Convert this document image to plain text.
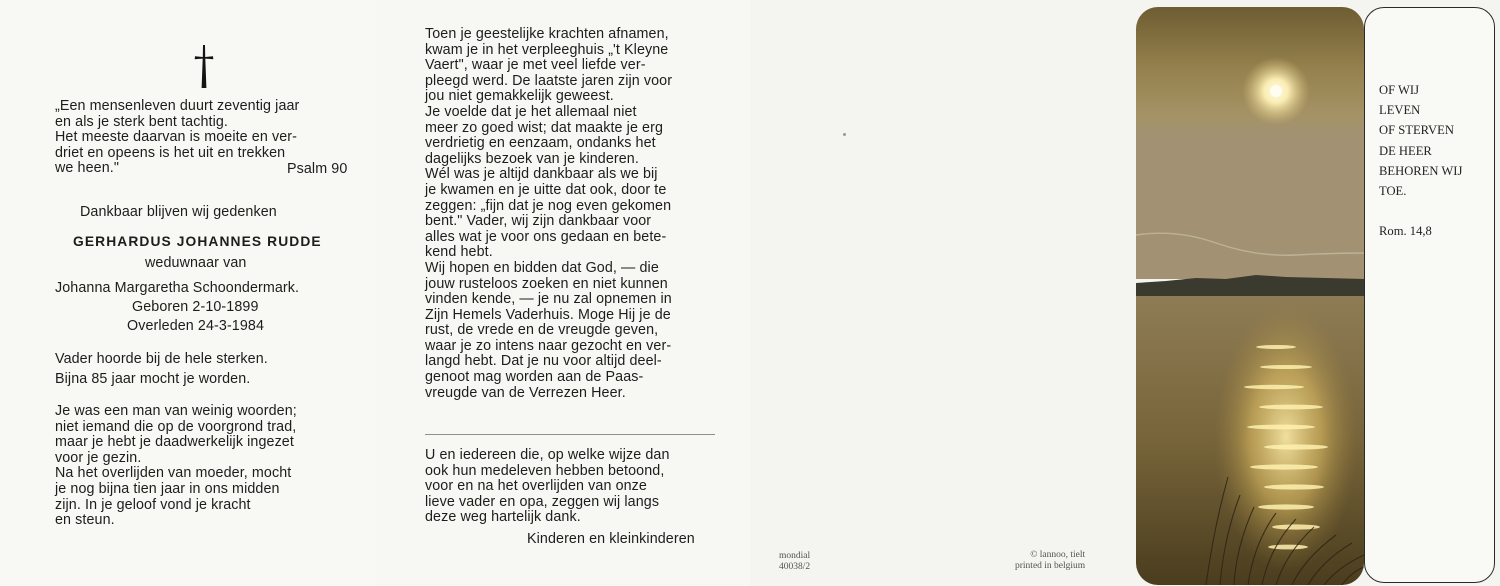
„Een mensenleven duurt zeventig jaar
en als je sterk bent tachtig.
Het meeste daarvan is moeite en ver-
driet en opeens is het uit en trekken
we heen."	Psalm 90

Dankbaar blijven wij gedenken

GERHARDUS JOHANNES RUDDE

weduwnaar van

Johanna Margaretha Schoondermark.

Geboren 2-10-1899

Overleden 24-3-1984

Vader hoorde bij de hele sterken.
Bijna 85 jaar mocht je worden.

Je was een man van weinig woorden;
niet iemand die op de voorgrond trad,
maar je hebt je daadwerkelijk ingezet
voor je gezin.
Na het overlijden van moeder, mocht
je nog bijna tien jaar in ons midden
zijn. In je geloof vond je kracht
en steun.

Toen je geestelijke krachten afnamen,
kwam je in het verpleeghuis „'t Kleyne
Vaert", waar je met veel liefde ver-
pleegd werd. De laatste jaren zijn voor
jou niet gemakkelijk geweest.
Je voelde dat je het allemaal niet
meer zo goed wist; dat maakte je erg
verdrietig en eenzaam, ondanks het
dagelijks bezoek van je kinderen.
Wél was je altijd dankbaar als we bij
je kwamen en je uitte dat ook, door te
zeggen: „fijn dat je nog even gekomen
bent." Vader, wij zijn dankbaar voor
alles wat je voor ons gedaan en bete-
kend hebt.
Wij hopen en bidden dat God, — die
jouw rusteloos zoeken en niet kunnen
vinden kende, — je nu zal opnemen in
Zijn Hemels Vaderhuis. Moge Hij je de
rust, de vrede en de vreugde geven,
waar je zo intens naar gezocht en ver-
langd hebt. Dat je nu voor altijd deel-
genoot mag worden aan de Paas-
vreugde van de Verrezen Heer.

U en iedereen die, op welke wijze dan
ook hun medeleven hebben betoond,
voor en na het overlijden van onze
lieve vader en opa, zeggen wij langs
deze weg hartelijk dank.

Kinderen en kleinkinderen

mondial
40038/2

© lannoo, tielt
printed in belgium

OF WIJ
LEVEN
OF STERVEN
DE HEER
BEHOREN WIJ
TOE.

Rom. 14,8
